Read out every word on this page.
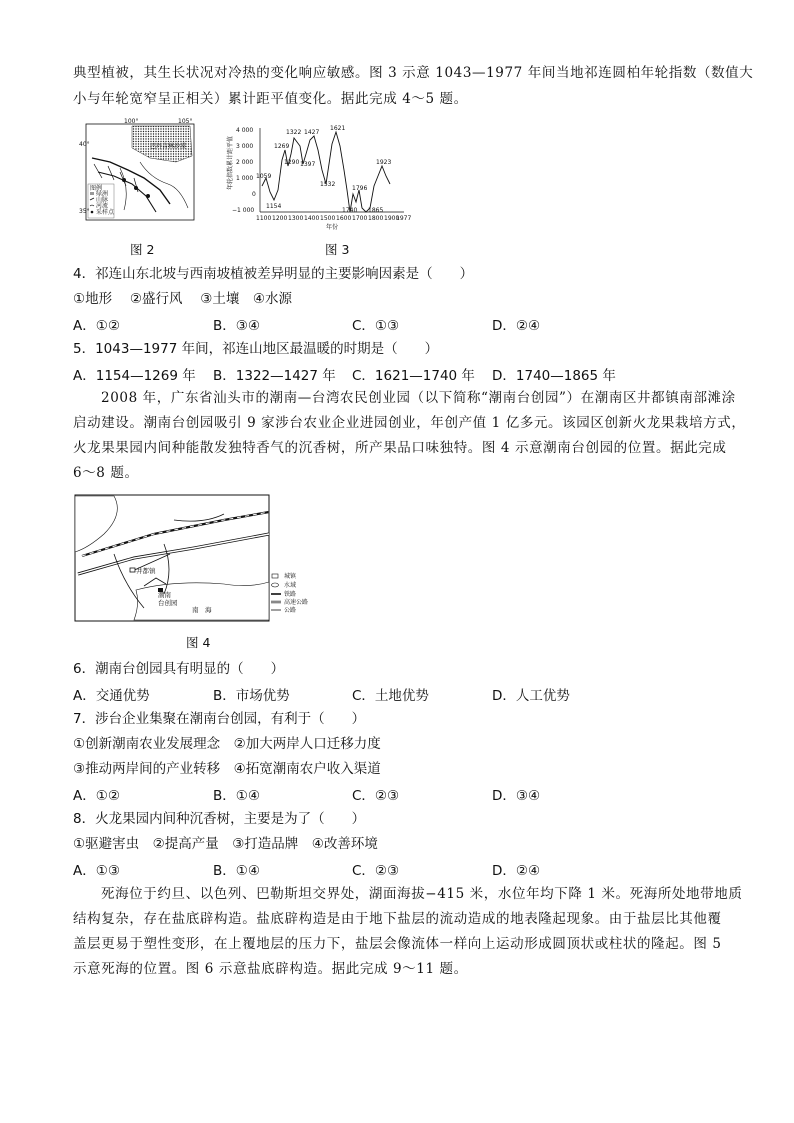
典型植被，其生长状况对冷热的变化响应敏感。图 3 示意 1043—1977 年间当地祁连圆柏年轮指数（数值大
小与年轮宽窄呈正相关）累计距平值变化。据此完成 4～5 题。
图例
绿洲
山脉
河流
采样点
100°	105°
40°
35°
巴丹吉林沙漠
4 000
3 000
2 000
1 000
0
−1 000
1100 1200 1300 1400 1500 1600 1700 1800 1900
1977
年份
年轮指数累计距平值
1322 1427
1621
1269
1290 1397
1532
1059
1154
1923
1796
1740 1865
图 2	图 3
4．祁连山东北坡与西南坡植被差异明显的主要影响因素是（　　）
①地形　 ②盛行风　 ③土壤　④水源
A．①②	B．③④	C．①③	D．②④
5．1043—1977 年间，祁连山地区最温暖的时期是（　　）
A．1154—1269 年 B．1322—1427 年 C．1621—1740 年 D．1740—1865 年
2008 年，广东省汕头市的潮南—台湾农民创业园（以下简称“潮南台创园”）在潮南区井都镇南部滩涂
启动建设。潮南台创园吸引 9 家涉台农业企业进园创业，年创产值 1 亿多元。该园区创新火龙果栽培方式，
火龙果果园内间种能散发独特香气的沉香树，所产果品口味独特。图 4 示意潮南台创园的位置。据此完成
6～8 题。
井都镇
潮南
台创园
南　海
城镇
水域
铁路
高速公路
公路
图 4
6．潮南台创园具有明显的（　　）
A．交通优势	B．市场优势	C．土地优势	D．人工优势
7．涉台企业集聚在潮南台创园，有利于（　　）
①创新潮南农业发展理念　②加大两岸人口迁移力度
③推动两岸间的产业转移　④拓宽潮南农户收入渠道
A．①②	B．①④	C．②③	D．③④
8．火龙果园内间种沉香树，主要是为了（　　）
①驱避害虫　②提高产量　③打造品牌　④改善环境
A．①③	B．①④	C．②③	D．②④
死海位于约旦、以色列、巴勒斯坦交界处，湖面海拔−415 米，水位年均下降 1 米。死海所处地带地质
结构复杂，存在盐底辟构造。盐底辟构造是由于地下盐层的流动造成的地表隆起现象。由于盐层比其他覆
盖层更易于塑性变形，在上覆地层的压力下，盐层会像流体一样向上运动形成圆顶状或柱状的隆起。图 5
示意死海的位置。图 6 示意盐底辟构造。据此完成 9～11 题。
